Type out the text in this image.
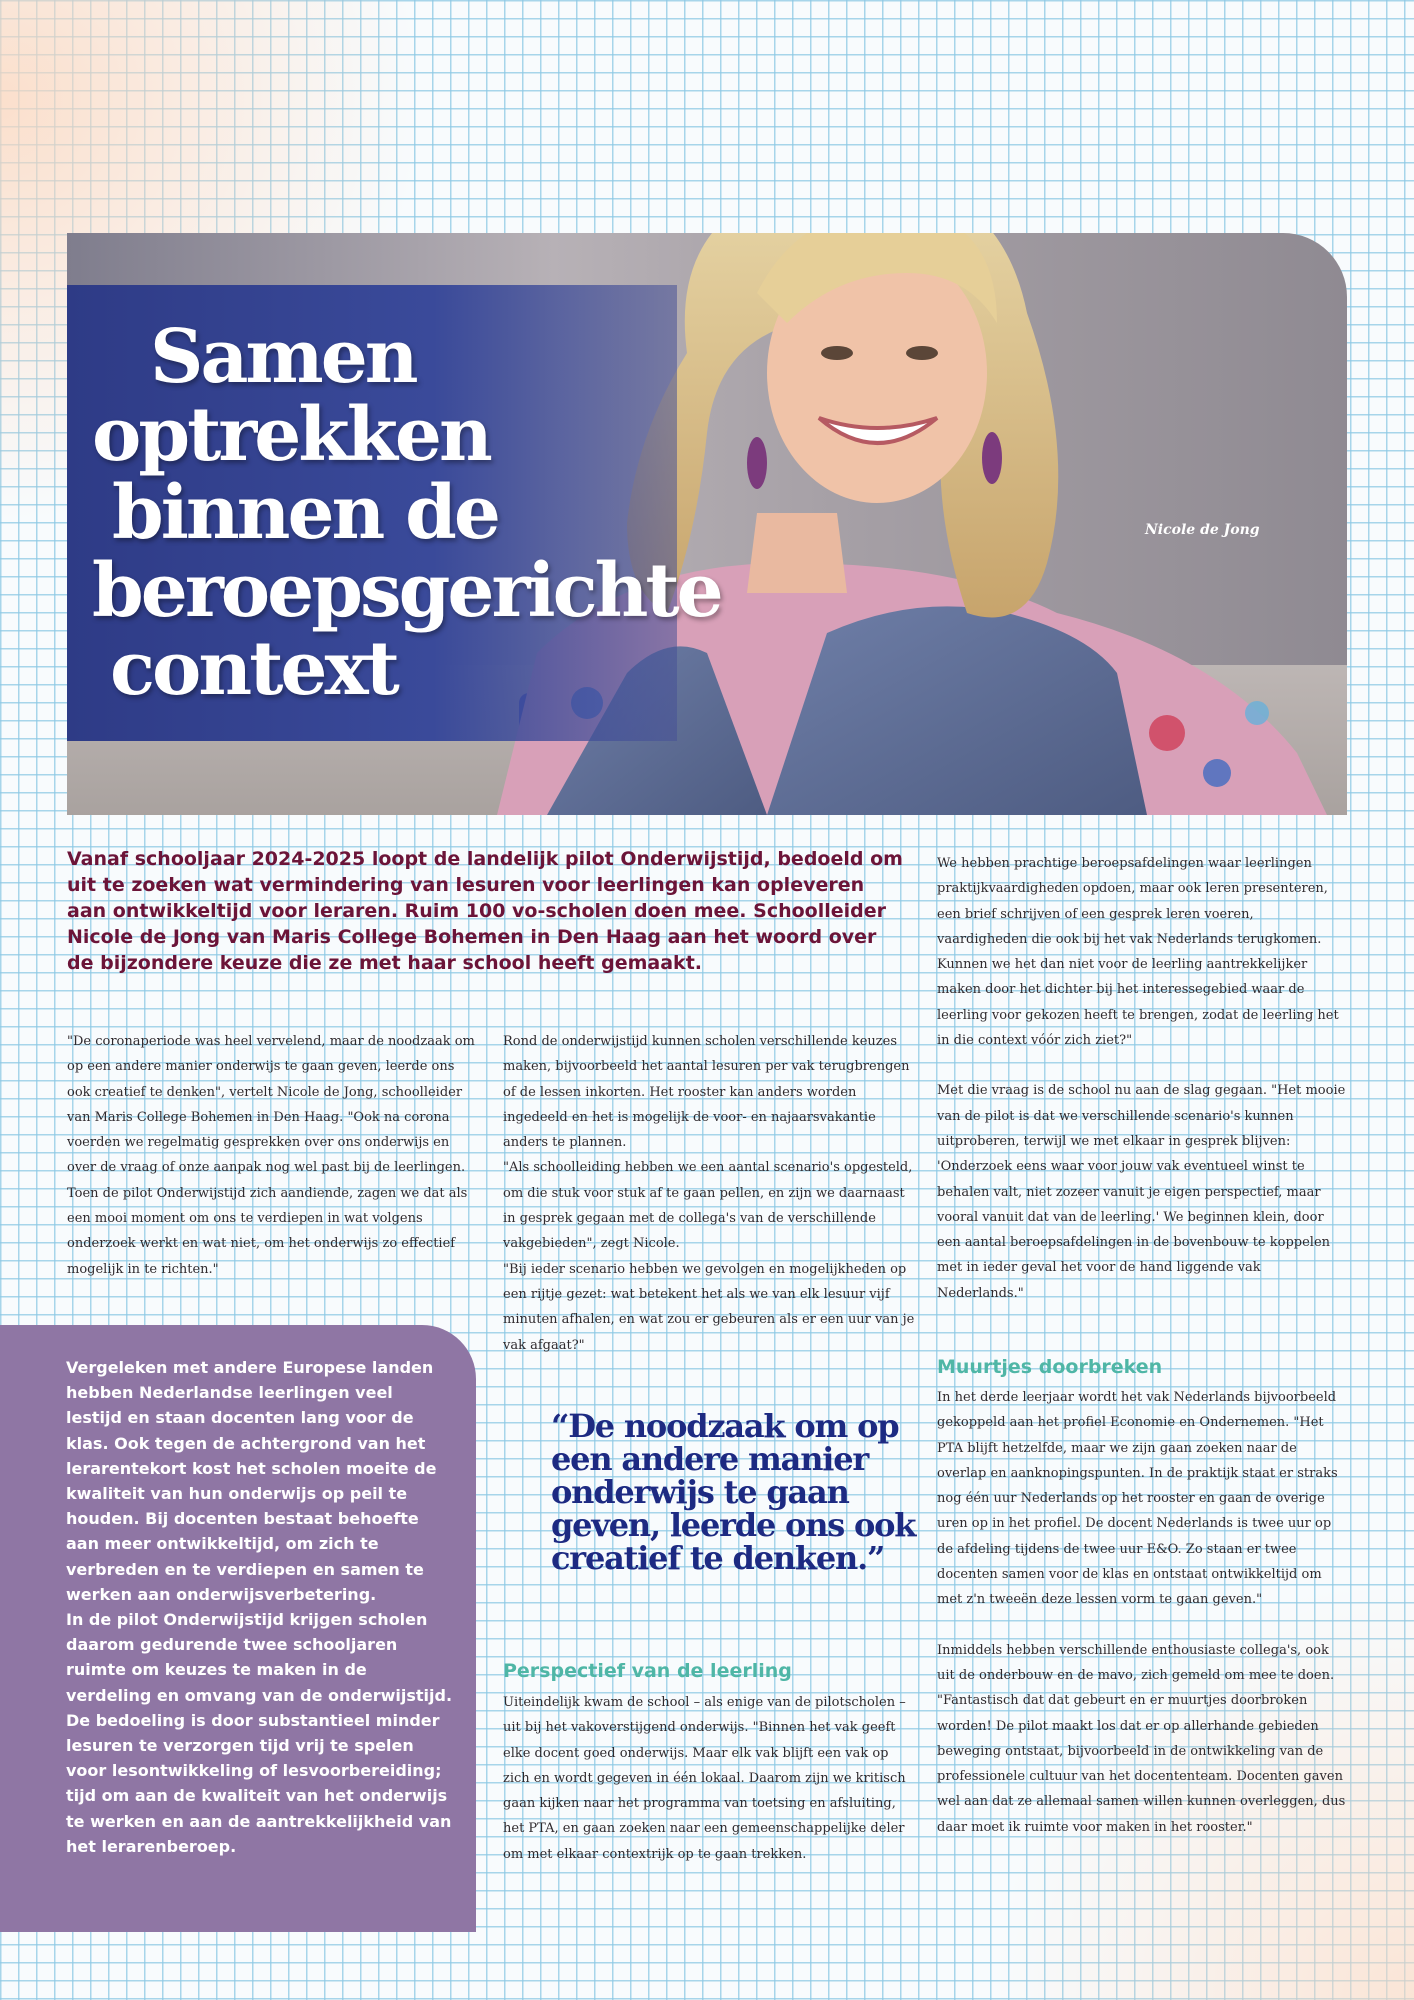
Samen
optrekken
binnen de
beroepsgerichte
context
Nicole de Jong

Vanaf schooljaar 2024-2025 loopt de landelijk pilot Onderwijstijd, bedoeld om uit te zoeken wat vermindering van lesuren voor leerlingen kan opleveren aan ontwikkeltijd voor leraren. Ruim 100 vo-scholen doen mee. Schoolleider Nicole de Jong van Maris College Bohemen in Den Haag aan het woord over de bijzondere keuze die ze met haar school heeft gemaakt.

"De coronaperiode was heel vervelend, maar de noodzaak om op een andere manier onderwijs te gaan geven, leerde ons ook creatief te denken", vertelt Nicole de Jong, schoolleider van Maris College Bohemen in Den Haag. "Ook na corona voerden we regelmatig gesprekken over ons onderwijs en over de vraag of onze aanpak nog wel past bij de leerlingen. Toen de pilot Onderwijstijd zich aandiende, zagen we dat als een mooi moment om ons te verdiepen in wat volgens onderzoek werkt en wat niet, om het onderwijs zo effectief mogelijk in te richten."

Rond de onderwijstijd kunnen scholen verschillende keuzes maken, bijvoorbeeld het aantal lesuren per vak terugbrengen of de lessen inkorten. Het rooster kan anders worden ingedeeld en het is mogelijk de voor- en najaarsvakantie anders te plannen.

"Als schoolleiding hebben we een aantal scenario's opgesteld, om die stuk voor stuk af te gaan pellen, en zijn we daarnaast in gesprek gegaan met de collega's van de verschillende vakgebieden", zegt Nicole.

"Bij ieder scenario hebben we gevolgen en mogelijkheden op een rijtje gezet: wat betekent het als we van elk lesuur vijf minuten afhalen, en wat zou er gebeuren als er een uur van je vak afgaat?"

“De noodzaak om op een andere manier onderwijs te gaan geven, leerde ons ook creatief te denken.”

Perspectief van de leerling

Uiteindelijk kwam de school – als enige van de pilotscholen – uit bij het vakoverstijgend onderwijs. "Binnen het vak geeft elke docent goed onderwijs. Maar elk vak blijft een vak op zich en wordt gegeven in één lokaal. Daarom zijn we kritisch gaan kijken naar het programma van toetsing en afsluiting, het PTA, en gaan zoeken naar een gemeenschappelijke deler om met elkaar contextrijk op te gaan trekken.

We hebben prachtige beroepsafdelingen waar leerlingen praktijkvaardigheden opdoen, maar ook leren presenteren, een brief schrijven of een gesprek leren voeren, vaardigheden die ook bij het vak Nederlands terugkomen. Kunnen we het dan niet voor de leerling aantrekkelijker maken door het dichter bij het interessegebied waar de leerling voor gekozen heeft te brengen, zodat de leerling het in die context vóór zich ziet?"

Met die vraag is de school nu aan de slag gegaan. "Het mooie van de pilot is dat we verschillende scenario's kunnen uitproberen, terwijl we met elkaar in gesprek blijven: 'Onderzoek eens waar voor jouw vak eventueel winst te behalen valt, niet zozeer vanuit je eigen perspectief, maar vooral vanuit dat van de leerling.' We beginnen klein, door een aantal beroepsafdelingen in de bovenbouw te koppelen met in ieder geval het voor de hand liggende vak Nederlands."

Muurtjes doorbreken

In het derde leerjaar wordt het vak Nederlands bijvoorbeeld gekoppeld aan het profiel Economie en Ondernemen. "Het PTA blijft hetzelfde, maar we zijn gaan zoeken naar de overlap en aanknopingspunten. In de praktijk staat er straks nog één uur Nederlands op het rooster en gaan de overige uren op in het profiel. De docent Nederlands is twee uur op de afdeling tijdens de twee uur E&O. Zo staan er twee docenten samen voor de klas en ontstaat ontwikkeltijd om met z'n tweeën deze lessen vorm te gaan geven."

Inmiddels hebben verschillende enthousiaste collega's, ook uit de onderbouw en de mavo, zich gemeld om mee te doen. "Fantastisch dat dat gebeurt en er muurtjes doorbroken worden! De pilot maakt los dat er op allerhande gebieden beweging ontstaat, bijvoorbeeld in de ontwikkeling van de professionele cultuur van het docententeam. Docenten gaven wel aan dat ze allemaal samen willen kunnen overleggen, dus daar moet ik ruimte voor maken in het rooster."

Vergeleken met andere Europese landen hebben Nederlandse leerlingen veel lestijd en staan docenten lang voor de klas. Ook tegen de achtergrond van het lerarentekort kost het scholen moeite de kwaliteit van hun onderwijs op peil te houden. Bij docenten bestaat behoefte aan meer ontwikkeltijd, om zich te verbreden en te verdiepen en samen te werken aan onderwijsverbetering.
In de pilot Onderwijstijd krijgen scholen daarom gedurende twee schooljaren ruimte om keuzes te maken in de verdeling en omvang van de onderwijstijd. De bedoeling is door substantieel minder lesuren te verzorgen tijd vrij te spelen voor lesontwikkeling of lesvoorbereiding; tijd om aan de kwaliteit van het onderwijs te werken en aan de aantrekkelijkheid van het lerarenberoep.
